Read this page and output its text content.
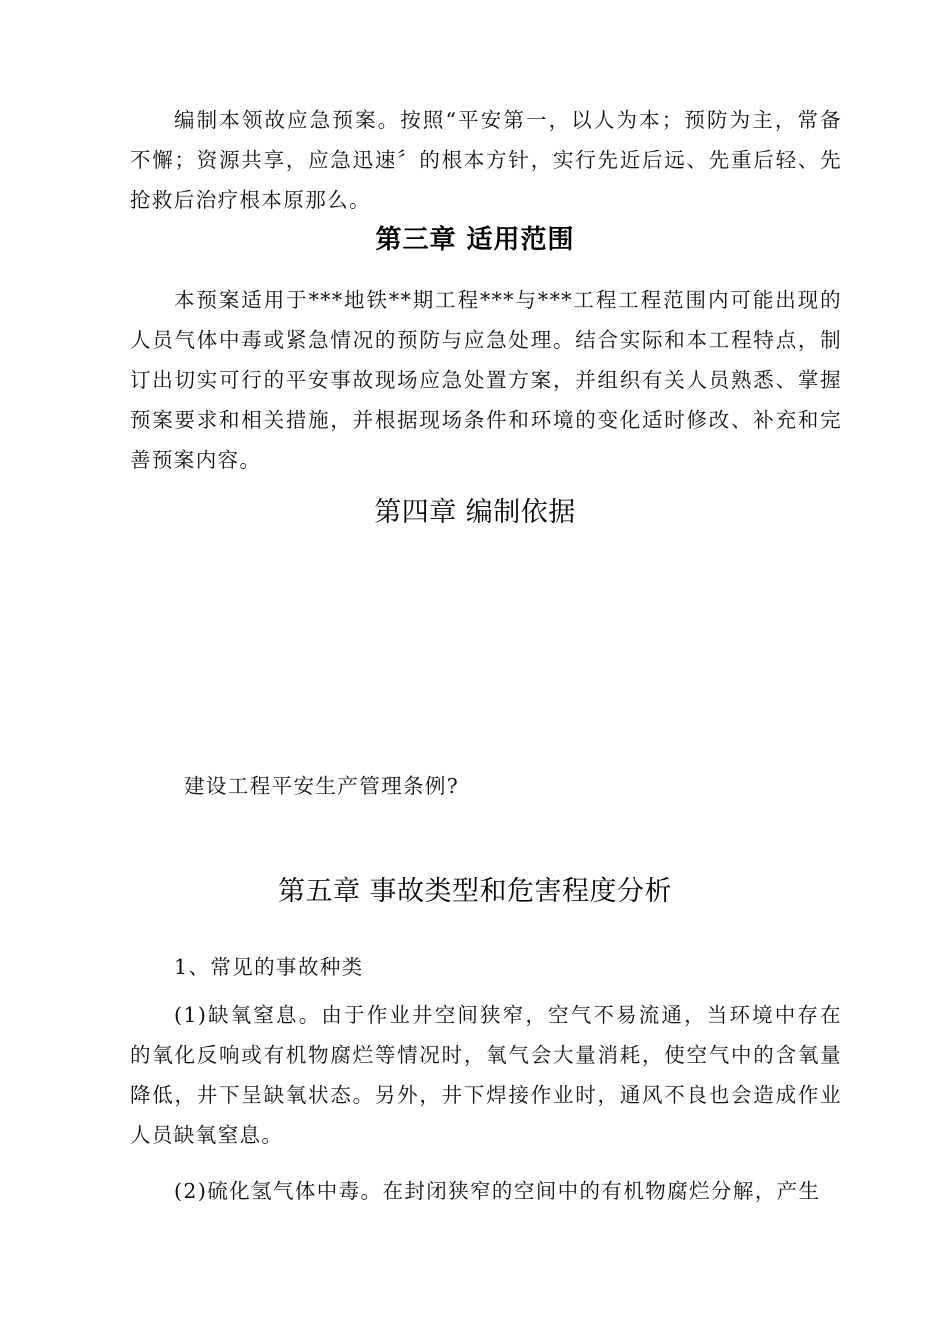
编制本领故应急预案。按照“平安第一，以人为本；预防为主，常备不懈；资源共享，应急迅速〞的根本方针，实行先近后远、先重后轻、先抢救后治疗根本原那么。

第三章 适用范围

本预案适用于***地铁**期工程***与***工程工程范围内可能出现的人员气体中毒或紧急情况的预防与应急处理。结合实际和本工程特点，制订出切实可行的平安事故现场应急处置方案，并组织有关人员熟悉、掌握预案要求和相关措施，并根据现场条件和环境的变化适时修改、补充和完善预案内容。

第四章 编制依据

建设工程平安生产管理条例?

第五章 事故类型和危害程度分析

1、常见的事故种类

(1)缺氧窒息。由于作业井空间狭窄，空气不易流通，当环境中存在的氧化反响或有机物腐烂等情况时，氧气会大量消耗，使空气中的含氧量降低，井下呈缺氧状态。另外，井下焊接作业时，通风不良也会造成作业人员缺氧窒息。

(2)硫化氢气体中毒。在封闭狭窄的空间中的有机物腐烂分解，产生
